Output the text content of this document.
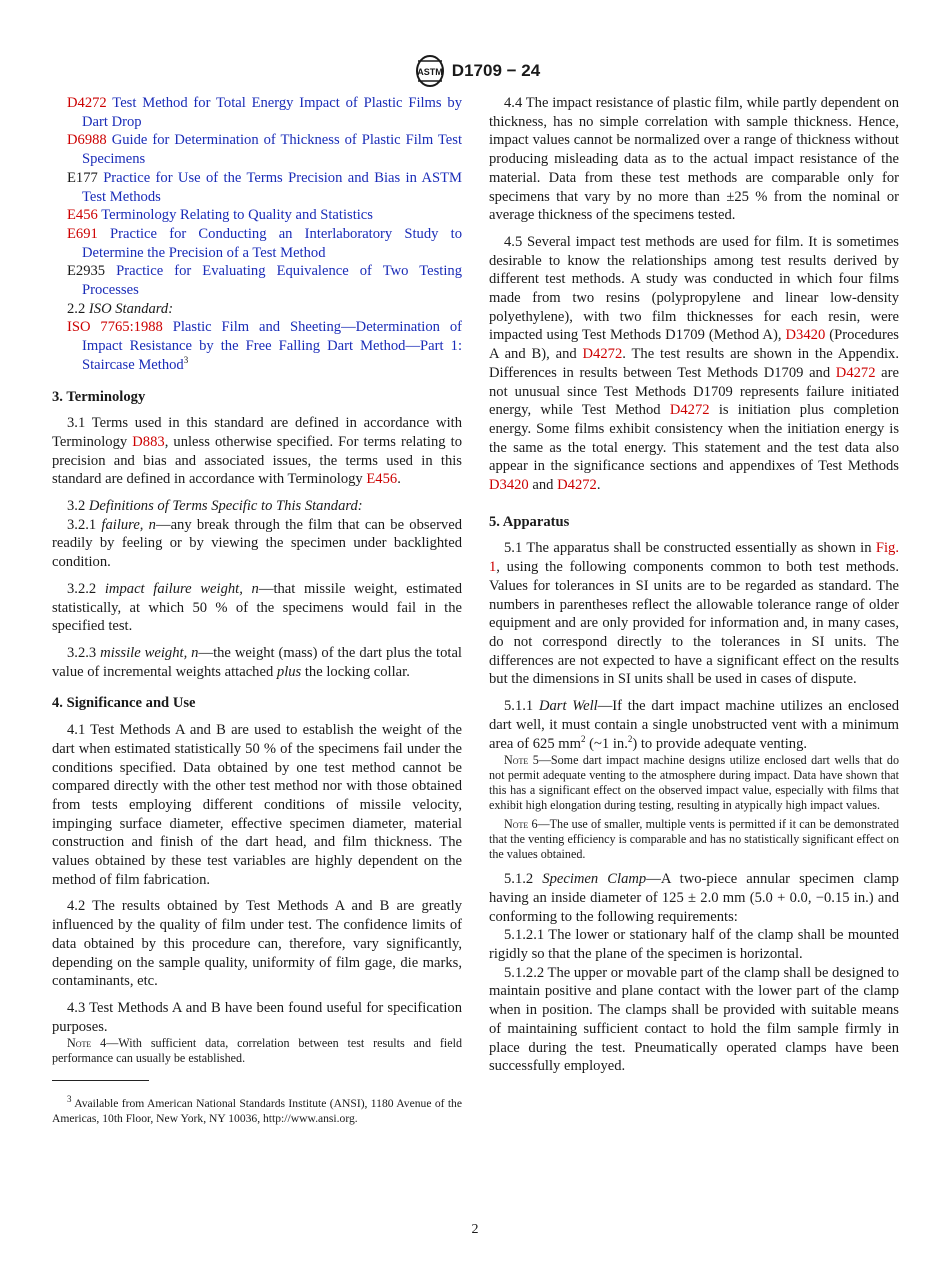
ASTM D1709 − 24

D4272 Test Method for Total Energy Impact of Plastic Films by Dart Drop

D6988 Guide for Determination of Thickness of Plastic Film Test Specimens

E177 Practice for Use of the Terms Precision and Bias in ASTM Test Methods

E456 Terminology Relating to Quality and Statistics

E691 Practice for Conducting an Interlaboratory Study to Determine the Precision of a Test Method

E2935 Practice for Evaluating Equivalence of Two Testing Processes

2.2 ISO Standard:

ISO 7765:1988 Plastic Film and Sheeting—Determination of Impact Resistance by the Free Falling Dart Method—Part 1: Staircase Method$^3$

3. Terminology

3.1 Terms used in this standard are defined in accordance with Terminology D883, unless otherwise specified. For terms relating to precision and bias and associated issues, the terms used in this standard are defined in accordance with Terminology E456.

3.2 Definitions of Terms Specific to This Standard:

3.2.1 failure, n—any break through the film that can be observed readily by feeling or by viewing the specimen under backlighted condition.

3.2.2 impact failure weight, n—that missile weight, estimated statistically, at which 50 % of the specimens would fail in the specified test.

3.2.3 missile weight, n—the weight (mass) of the dart plus the total value of incremental weights attached plus the locking collar.

4. Significance and Use

4.1 Test Methods A and B are used to establish the weight of the dart when estimated statistically 50 % of the specimens fail under the conditions specified. Data obtained by one test method cannot be compared directly with the other test method nor with those obtained from tests employing different conditions of missile velocity, impinging surface diameter, effective specimen diameter, material construction and finish of the dart head, and film thickness. The values obtained by these test variables are highly dependent on the method of film fabrication.

4.2 The results obtained by Test Methods A and B are greatly influenced by the quality of film under test. The confidence limits of data obtained by this procedure can, therefore, vary significantly, depending on the sample quality, uniformity of film gage, die marks, contaminants, etc.

4.3 Test Methods A and B have been found useful for specification purposes.

Note 4—With sufficient data, correlation between test results and field performance can usually be established.

$^3$ Available from American National Standards Institute (ANSI), 1180 Avenue of the Americas, 10th Floor, New York, NY 10036, http://www.ansi.org.

4.4 The impact resistance of plastic film, while partly dependent on thickness, has no simple correlation with sample thickness. Hence, impact values cannot be normalized over a range of thickness without producing misleading data as to the actual impact resistance of the material. Data from these test methods are comparable only for specimens that vary by no more than ±25 % from the nominal or average thickness of the specimens tested.

4.5 Several impact test methods are used for film. It is sometimes desirable to know the relationships among test results derived by different test methods. A study was conducted in which four films made from two resins (polypropylene and linear low-density polyethylene), with two film thicknesses for each resin, were impacted using Test Methods D1709 (Method A), D3420 (Procedures A and B), and D4272. The test results are shown in the Appendix. Differences in results between Test Methods D1709 and D4272 are not unusual since Test Methods D1709 represents failure initiated energy, while Test Method D4272 is initiation plus completion energy. Some films exhibit consistency when the initiation energy is the same as the total energy. This statement and the test data also appear in the significance sections and appendixes of Test Methods D3420 and D4272.

5. Apparatus

5.1 The apparatus shall be constructed essentially as shown in Fig. 1, using the following components common to both test methods. Values for tolerances in SI units are to be regarded as standard. The numbers in parentheses reflect the allowable tolerance range of older equipment and are only provided for information and, in many cases, do not correspond directly to the tolerances in SI units. The differences are not expected to have a significant effect on the results but the dimensions in SI units shall be used in cases of dispute.

5.1.1 Dart Well—If the dart impact machine utilizes an enclosed dart well, it must contain a single unobstructed vent with a minimum area of 625 $mm^2$ (~1 in.$^2$) to provide adequate venting.

Note 5—Some dart impact machine designs utilize enclosed dart wells that do not permit adequate venting to the atmosphere during impact. Data have shown that this has a significant effect on the observed impact value, especially with films that exhibit high elongation during testing, resulting in atypically high impact values.

Note 6—The use of smaller, multiple vents is permitted if it can be demonstrated that the venting efficiency is comparable and has no statistically significant effect on the values obtained.

5.1.2 Specimen Clamp—A two-piece annular specimen clamp having an inside diameter of 125 ± 2.0 mm (5.0 + 0.0, −0.15 in.) and conforming to the following requirements:

5.1.2.1 The lower or stationary half of the clamp shall be mounted rigidly so that the plane of the specimen is horizontal.

5.1.2.2 The upper or movable part of the clamp shall be designed to maintain positive and plane contact with the lower part of the clamp when in position. The clamps shall be provided with suitable means of maintaining sufficient contact to hold the film sample firmly in place during the test. Pneumatically operated clamps have been successfully employed.

2
